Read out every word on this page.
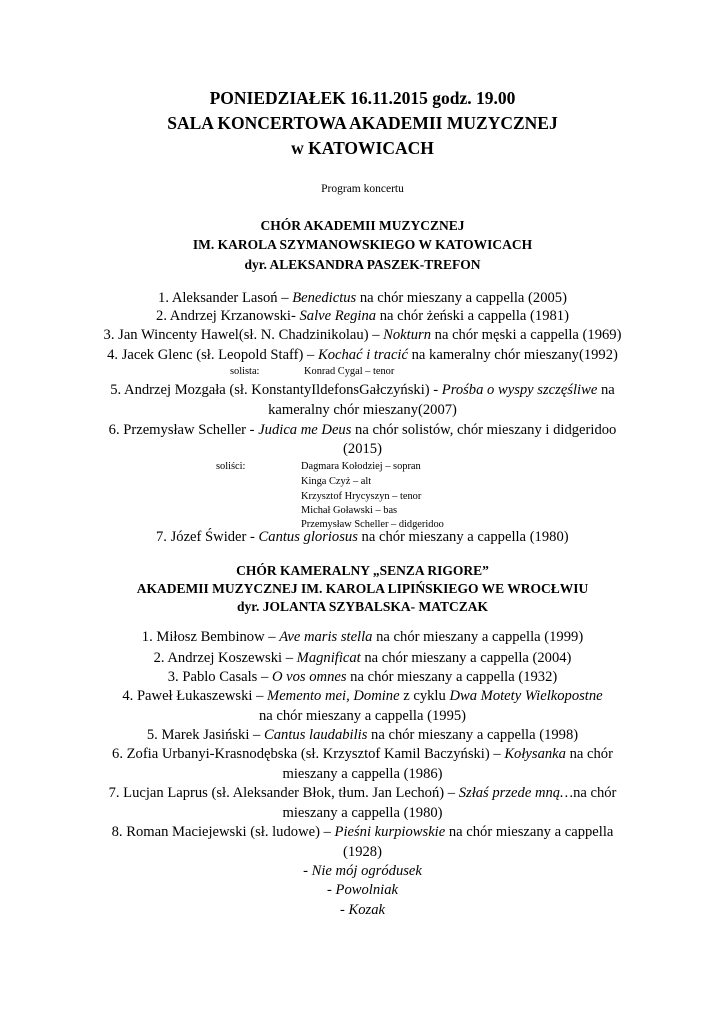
PONIEDZIAŁEK 16.11.2015 godz. 19.00
SALA KONCERTOWA AKADEMII MUZYCZNEJ
w KATOWICACH
Program koncertu
CHÓR AKADEMII MUZYCZNEJ
IM. KAROLA SZYMANOWSKIEGO W KATOWICACH
dyr. ALEKSANDRA PASZEK-TREFON
1. Aleksander Lasoń – Benedictus na chór mieszany a cappella (2005)
2. Andrzej Krzanowski- Salve Regina na chór żeński a cappella (1981)
3. Jan Wincenty Hawel(sł. N. Chadzinikolau) – Nokturn na chór męski a cappella (1969)
4. Jacek Glenc (sł. Leopold Staff) – Kochać i tracić na kameralny chór mieszany(1992)
solista:	Konrad Cygal – tenor
5. Andrzej Mozgała (sł. KonstantyIldefonsGałczyński) - Prośba o wyspy szczęśliwe na
kameralny chór mieszany(2007)
6. Przemysław Scheller - Judica me Deus na chór solistów, chór mieszany i didgeridoo
(2015)
soliści:	Dagmara Kołodziej – sopran
Kinga Czyż – alt
Krzysztof Hrycyszyn – tenor
Michał Goławski – bas
Przemysław Scheller – didgeridoo
7. Józef Świder - Cantus gloriosus na chór mieszany a cappella (1980)
CHÓR KAMERALNY „SENZA RIGORE”
AKADEMII MUZYCZNEJ IM. KAROLA LIPIŃSKIEGO WE WROCŁWIU
dyr. JOLANTA SZYBALSKA- MATCZAK
1. Miłosz Bembinow – Ave maris stella na chór mieszany a cappella (1999)
2. Andrzej Koszewski – Magnificat na chór mieszany a cappella (2004)
3. Pablo Casals – O vos omnes na chór mieszany a cappella (1932)
4. Paweł Łukaszewski – Memento mei, Domine z cyklu Dwa Motety Wielkopostne
na chór mieszany a cappella (1995)
5. Marek Jasiński – Cantus laudabilis na chór mieszany a cappella (1998)
6. Zofia Urbanyi-Krasnodębska (sł. Krzysztof Kamil Baczyński) – Kołysanka na chór
mieszany a cappella (1986)
7. Lucjan Laprus (sł. Aleksander Błok, tłum. Jan Lechoń) – Szłaś przede mną…na chór
mieszany a cappella (1980)
8. Roman Maciejewski (sł. ludowe) – Pieśni kurpiowskie na chór mieszany a cappella
(1928)
- Nie mój ogródusek
- Powolniak
- Kozak
